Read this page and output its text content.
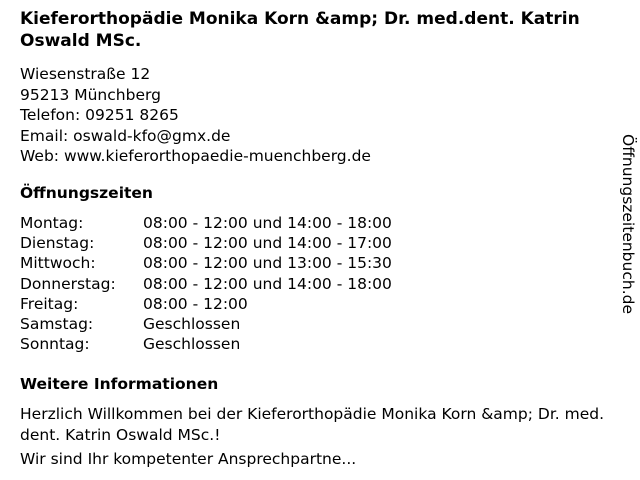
Kieferorthopädie Monika Korn &amp; Dr. med.dent. Katrin Oswald MSc.
Wiesenstraße 12
95213 Münchberg
Telefon: 09251 8265
Email: oswald-kfo@gmx.de
Web: www.kieferorthopaedie-muenchberg.de
Öffnungszeiten
Montag:	08:00 - 12:00 und 14:00 - 18:00
Dienstag:	08:00 - 12:00 und 14:00 - 17:00
Mittwoch:	08:00 - 12:00 und 13:00 - 15:30
Donnerstag:	08:00 - 12:00 und 14:00 - 18:00
Freitag:	08:00 - 12:00
Samstag:	Geschlossen
Sonntag:	Geschlossen
Weitere Informationen

Herzlich Willkommen bei der Kieferorthopädie Monika Korn &amp; Dr. med. dent. Katrin Oswald MSc.!

Wir sind Ihr kompetenter Ansprechpartne...

Öffnungszeitenbuch.de
